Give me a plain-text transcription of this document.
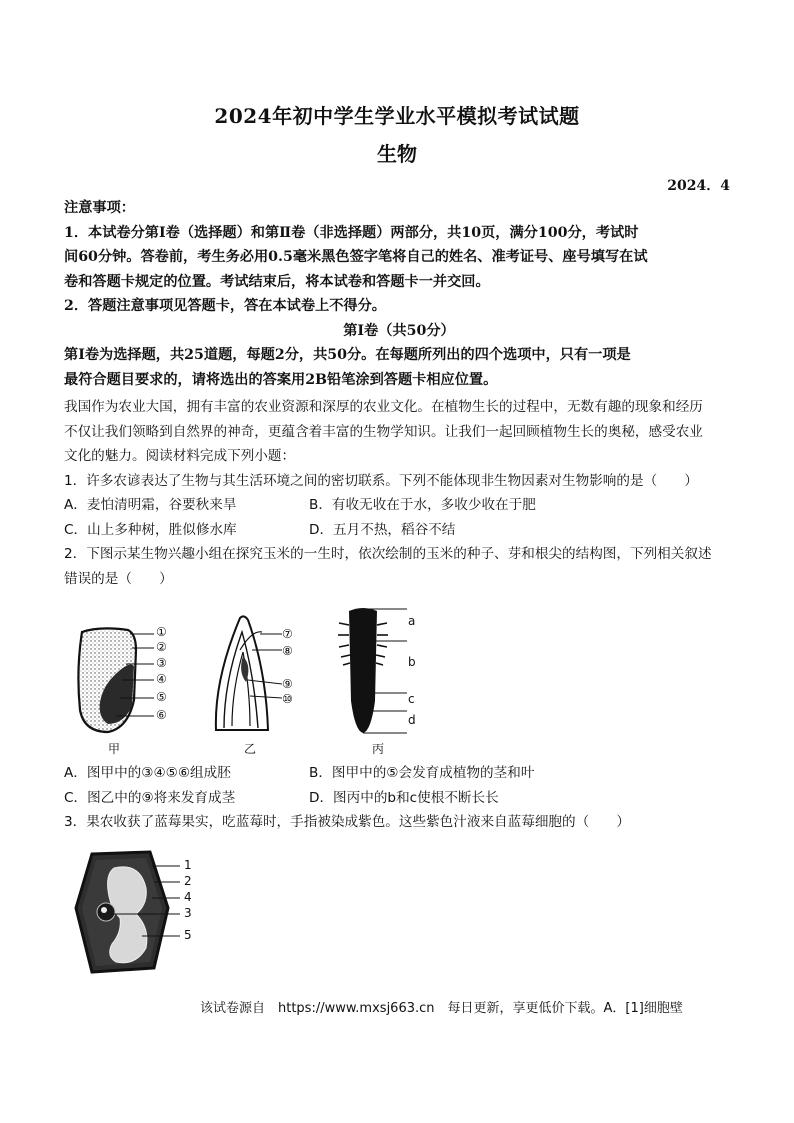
2024年初中学生学业水平模拟考试试题
生物
2024．4
注意事项：
1．本试卷分第Ⅰ卷（选择题）和第Ⅱ卷（非选择题）两部分，共10页，满分100分，考试时
间60分钟。答卷前，考生务必用0.5毫米黑色签字笔将自己的姓名、准考证号、座号填写在试
卷和答题卡规定的位置。考试结束后，将本试卷和答题卡一并交回。
2．答题注意事项见答题卡，答在本试卷上不得分。
第Ⅰ卷（共50分）
第Ⅰ卷为选择题，共25道题，每题2分，共50分。在每题所列出的四个选项中，只有一项是
最符合题目要求的，请将选出的答案用2B铅笔涂到答题卡相应位置。
我国作为农业大国，拥有丰富的农业资源和深厚的农业文化。在植物生长的过程中，无数有趣的现象和经历
不仅让我们领略到自然界的神奇，更蕴含着丰富的生物学知识。让我们一起回顾植物生长的奥秘，感受农业
文化的魅力。阅读材料完成下列小题：
1．许多农谚表达了生物与其生活环境之间的密切联系。下列不能体现非生物因素对生物影响的是（　　）
A．麦怕清明霜，谷要秋来旱	B．有收无收在于水，多收少收在于肥
C．山上多种树，胜似修水库	D．五月不热，稻谷不结
2．下图示某生物兴趣小组在探究玉米的一生时，依次绘制的玉米的种子、芽和根尖的结构图，下列相关叙述
错误的是（　　）
①
②
③
④
⑤
⑥
甲
⑦
⑧
⑨
⑩
乙
a
b
c
d
丙
A．图甲中的③④⑤⑥组成胚	B．图甲中的⑤会发育成植物的茎和叶
C．图乙中的⑨将来发育成茎	D．图丙中的b和c使根不断长长
3．果农收获了蓝莓果实，吃蓝莓时，手指被染成紫色。这些紫色汁液来自蓝莓细胞的（　　）
1
2
4
3
5
该试卷源自　https://www.mxsj663.cn　每日更新，享更低价下载。A．[1]细胞壁
